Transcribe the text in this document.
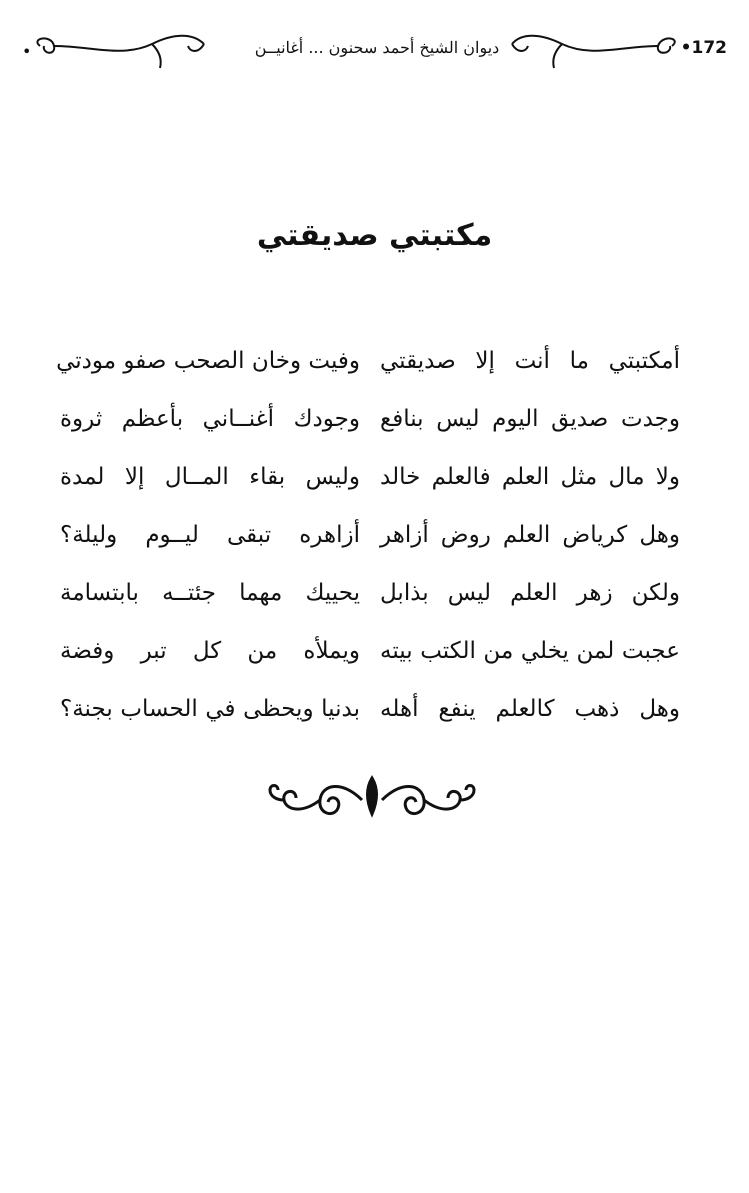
•	ديوان الشيخ أحمد سحنون ... أغانيــن	•172
مكتبتي صديقتي
أمكتبتي ما أنت إلا صديقتي
وفيت وخان الصحب صفو مودتي
وجدت صديق اليوم ليس بنافع
وجودك أغنــاني بأعظم ثروة
ولا مال مثل العلم فالعلم خالد
وليس بقاء المــال إلا لمدة
وهل كرياض العلم روض أزاهر
أزاهره تبقى ليــوم وليلة؟
ولكن زهر العلم ليس بذابل
يحييك مهما جئتــه بابتسامة
عجبت لمن يخلي من الكتب بيته
ويملأه من كل تبر وفضة
وهل ذهب كالعلم ينفع أهله
بدنيا ويحظى في الحساب بجنة؟
